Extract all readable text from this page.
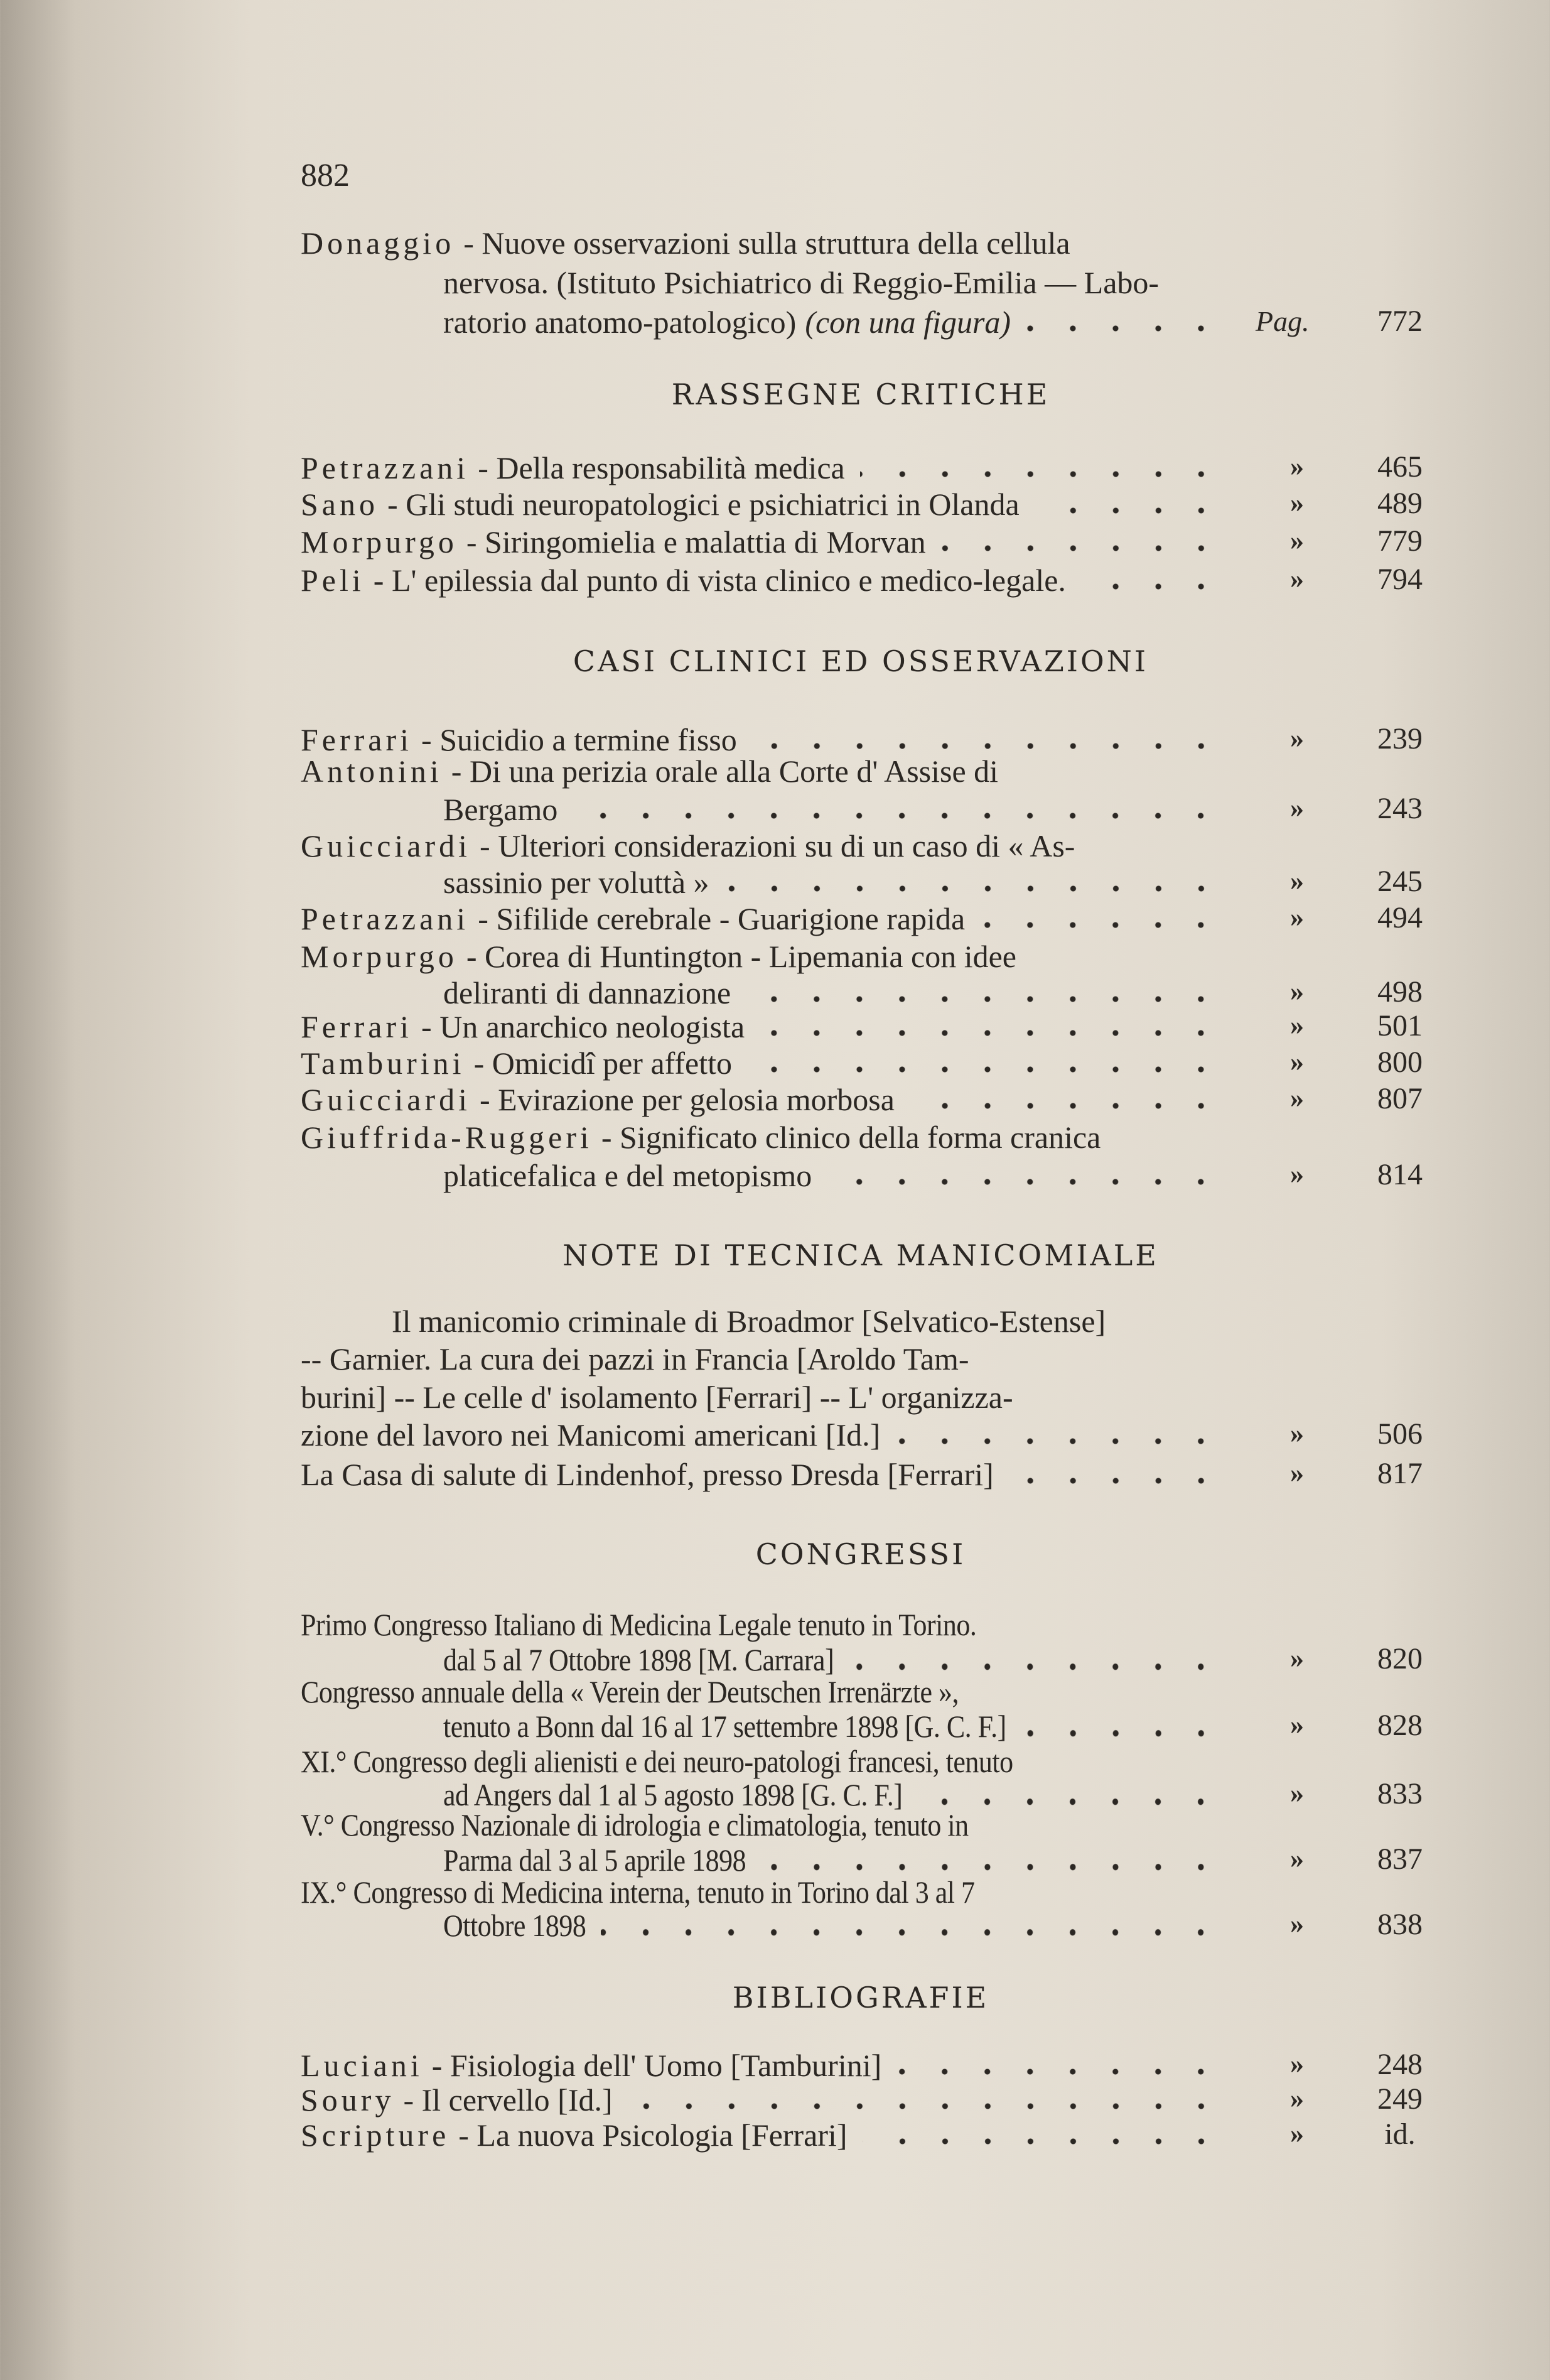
882
Donaggio - Nuove osservazioni sulla struttura della cellula
nervosa. (Istituto Psichiatrico di Reggio-Emilia — Labo-
ratorio anatomo-patologico) (con una figura)	Pag. 772
RASSEGNE CRITICHE
Petrazzani - Della responsabilità medica	» 465
Sano - Gli studi neuropatologici e psichiatrici in Olanda	» 489
Morpurgo - Siringomielia e malattia di Morvan	» 779
Peli - L' epilessia dal punto di vista clinico e medico-legale.	» 794
CASI CLINICI ED OSSERVAZIONI
Ferrari - Suicidio a termine fisso	» 239
Antonini - Di una perizia orale alla Corte d' Assise di
Bergamo	» 243
Guicciardi - Ulteriori considerazioni su di un caso di « As-
sassinio per voluttà »	» 245
Petrazzani - Sifilide cerebrale - Guarigione rapida	» 494
Morpurgo - Corea di Huntington - Lipemania con idee
deliranti di dannazione	» 498
Ferrari - Un anarchico neologista	» 501
Tamburini - Omicidî per affetto	» 800
Guicciardi - Evirazione per gelosia morbosa	» 807
Giuffrida-Ruggeri - Significato clinico della forma cranica
platicefalica e del metopismo	» 814
NOTE DI TECNICA MANICOMIALE
Il manicomio criminale di Broadmor [Selvatico-Estense]
-- Garnier. La cura dei pazzi in Francia [Aroldo Tam-
burini] -- Le celle d' isolamento [Ferrari] -- L' organizza-
zione del lavoro nei Manicomi americani [Id.]	» 506
La Casa di salute di Lindenhof, presso Dresda [Ferrari]	» 817
CONGRESSI
Primo Congresso Italiano di Medicina Legale tenuto in Torino.
dal 5 al 7 Ottobre 1898 [M. Carrara]	» 820
Congresso annuale della « Verein der Deutschen Irrenärzte »,
tenuto a Bonn dal 16 al 17 settembre 1898 [G. C. F.]	» 828
XI.° Congresso degli alienisti e dei neuro-patologi francesi, tenuto
ad Angers dal 1 al 5 agosto 1898 [G. C. F.]	» 833
V.° Congresso Nazionale di idrologia e climatologia, tenuto in
Parma dal 3 al 5 aprile 1898	» 837
IX.° Congresso di Medicina interna, tenuto in Torino dal 3 al 7
Ottobre 1898	» 838
BIBLIOGRAFIE
Luciani - Fisiologia dell' Uomo [Tamburini]	» 248
Soury - Il cervello [Id.]	» 249
Scripture - La nuova Psicologia [Ferrari]	»	id.
